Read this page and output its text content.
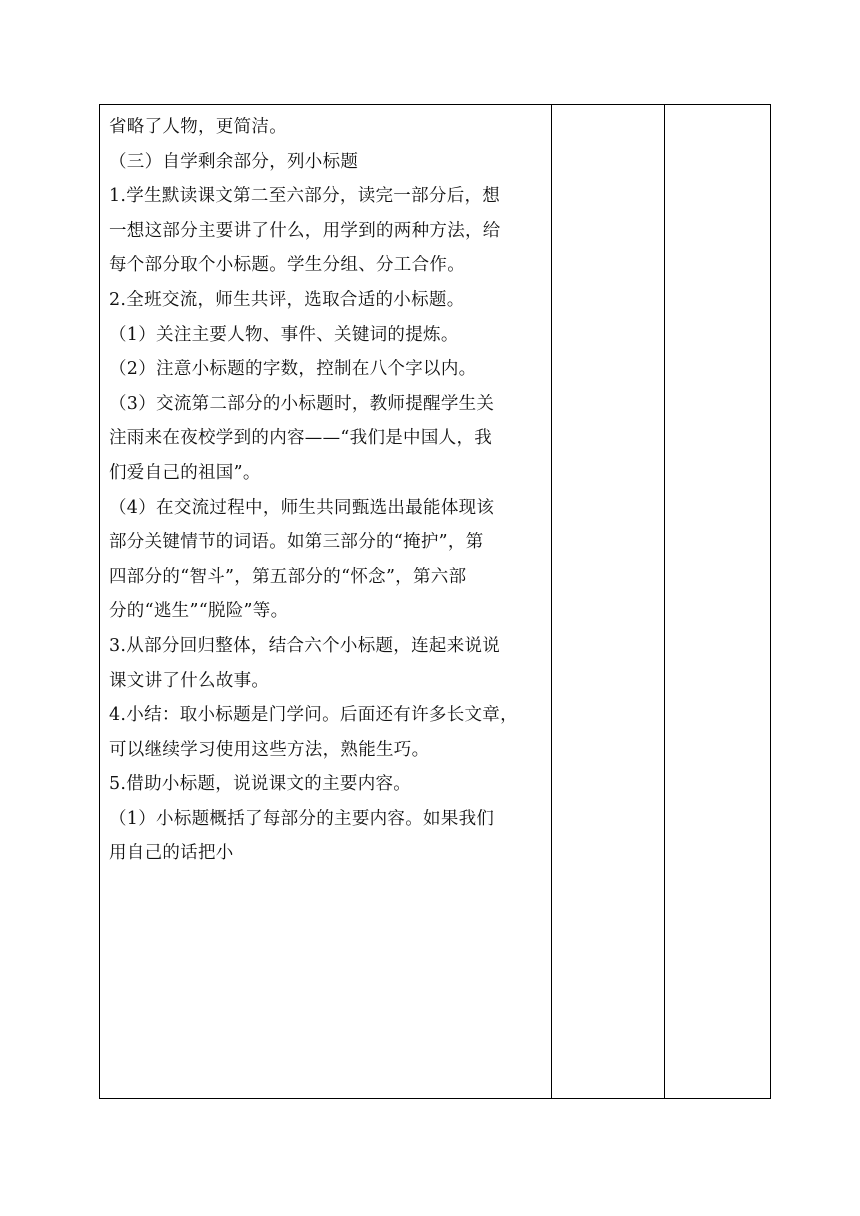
省略了人物，更简洁。

（三）自学剩余部分，列小标题

1.学生默读课文第二至六部分，读完一部分后，想

一想这部分主要讲了什么，用学到的两种方法，给

每个部分取个小标题。学生分组、分工合作。

2.全班交流，师生共评，选取合适的小标题。

（1）关注主要人物、事件、关键词的提炼。

（2）注意小标题的字数，控制在八个字以内。

（3）交流第二部分的小标题时，教师提醒学生关

注雨来在夜校学到的内容——“我们是中国人，我

们爱自己的祖国”。

（4）在交流过程中，师生共同甄选出最能体现该

部分关键情节的词语。如第三部分的“掩护”，第

四部分的“智斗”，第五部分的“怀念”，第六部

分的“逃生”“脱险”等。

3.从部分回归整体，结合六个小标题，连起来说说

课文讲了什么故事。

4.小结：取小标题是门学问。后面还有许多长文章，

可以继续学习使用这些方法，熟能生巧。

5.借助小标题，说说课文的主要内容。

（1）小标题概括了每部分的主要内容。如果我们

用自己的话把小
